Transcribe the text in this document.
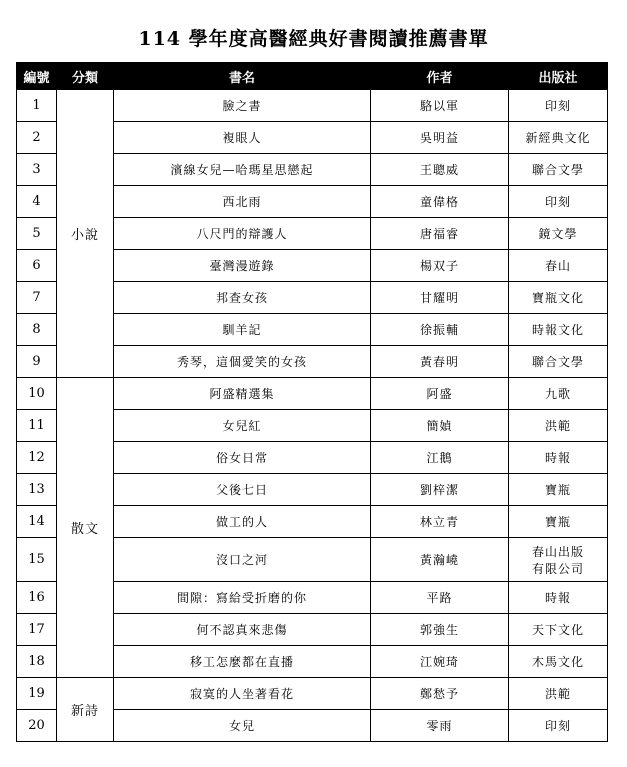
114 學年度高醫經典好書閱讀推薦書單
編號	分類	書名	作者	出版社
1	小說	臉之書	駱以軍	印刻

2		複眼人	吳明益	新經典文化

3		濱線女兒—哈瑪星思戀起	王聰威	聯合文學

4		西北雨	童偉格	印刻

5		八尺門的辯護人	唐福睿	鏡文學

6		臺灣漫遊錄	楊双子	春山

7		邦查女孩	甘耀明	寶瓶文化

8		馴羊記	徐振輔	時報文化

9		秀琴，這個愛笑的女孩	黃春明	聯合文學

10	散文	阿盛精選集	阿盛	九歌

11		女兒紅	簡媜	洪範

12		俗女日常	江鵝	時報

13		父後七日	劉梓潔	寶瓶

14		做工的人	林立青	寶瓶

15		沒口之河	黃瀚嶢	春山出版
有限公司

16		間隙：寫給受折磨的你	平路	時報

17		何不認真來悲傷	郭強生	天下文化

18		移工怎麼都在直播	江婉琦	木馬文化

19	新詩	寂寞的人坐著看花	鄭愁予	洪範

20		女兒	零雨	印刻
